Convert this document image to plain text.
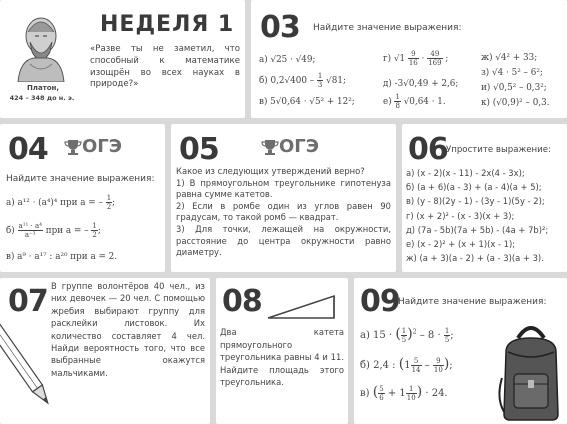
Платон,
424 – 348 до н. э.
НЕДЕЛЯ 1
«Разве ты не заметил, что способный к математике изощрён во всех науках в природе?»
03 Найдите значение выражения:
а) √25 · √49;
б) $0,2√400 - \frac{1}{3} √81$;
в) 5√0,64 · √5² + 12²;
г) $√1 \frac{9}{16} \cdot \frac{49}{169}$ ;
д) -3√0,49 + 2,6;
$е) \frac{1}{8} √0,64 \cdot 1$.
ж) √4² + 33;
з) √4 · 5² – 6²;
и) √0,5² – 0,3²;
к) (√0,9)² – 0,3.
04 ОГЭ
Найдите значение выражения:
а) a¹² · (a⁴)⁴ при a = – $\frac{1}{2}$ ;
$б) \frac{\text{a¹¹ · a⁴}}{\text{a⁻³}}$ при a = – $\frac{1}{2}$ ;
в) a⁹ · a¹⁷ : a²⁰ при a = 2.
05	ОГЭ
Какое из следующих утверждений верно?
1) В прямоугольном треугольнике гипотенуза равна сумме катетов.
2) Если в ромбе один из углов равен 90 градусам, то такой ромб — квадрат.
3) Для точки, лежащей на окружности, расстояние до центра окружности равно диаметру.
06
Упростите выражение:
а) (x - 2)(x - 11) - 2x(4 - 3x);
б) (a + 6)(a - 3) + (a - 4)(a + 5);
в) (y - 8)(2y - 1) - (3y - 1)(5y - 2);
г) (x + 2)² - (x - 3)(x + 3);
д) (7a - 5b)(7a + 5b) - (4a + 7b)²;
е) (x - 2)² + (x + 1)(x - 1);
ж) (a + 3)(a - 2) + (a - 3)(a + 3).
07 В группе волонтёров 40 чел., из них девочек — 20 чел. С помощью жребия выбирают группу для расклейки листовок. Их количество составляет 4 чел. Найди вероятность того, что все выбранные окажутся мальчиками.
08
Два катета прямоугольного треугольника равны 4 и 11. Найдите площадь этого треугольника.
09
Найдите значение выражения:
а) 15 · ( $\frac{1}{5} )^2 - 8 \cdot \frac{1}{5}$ ;
б) 2,4 : ($1 \frac{5}{14} - \frac{9}{10}$ );
в) ( $\frac{5}{6} + 1 \frac{1}{10}$ ) · 24.
